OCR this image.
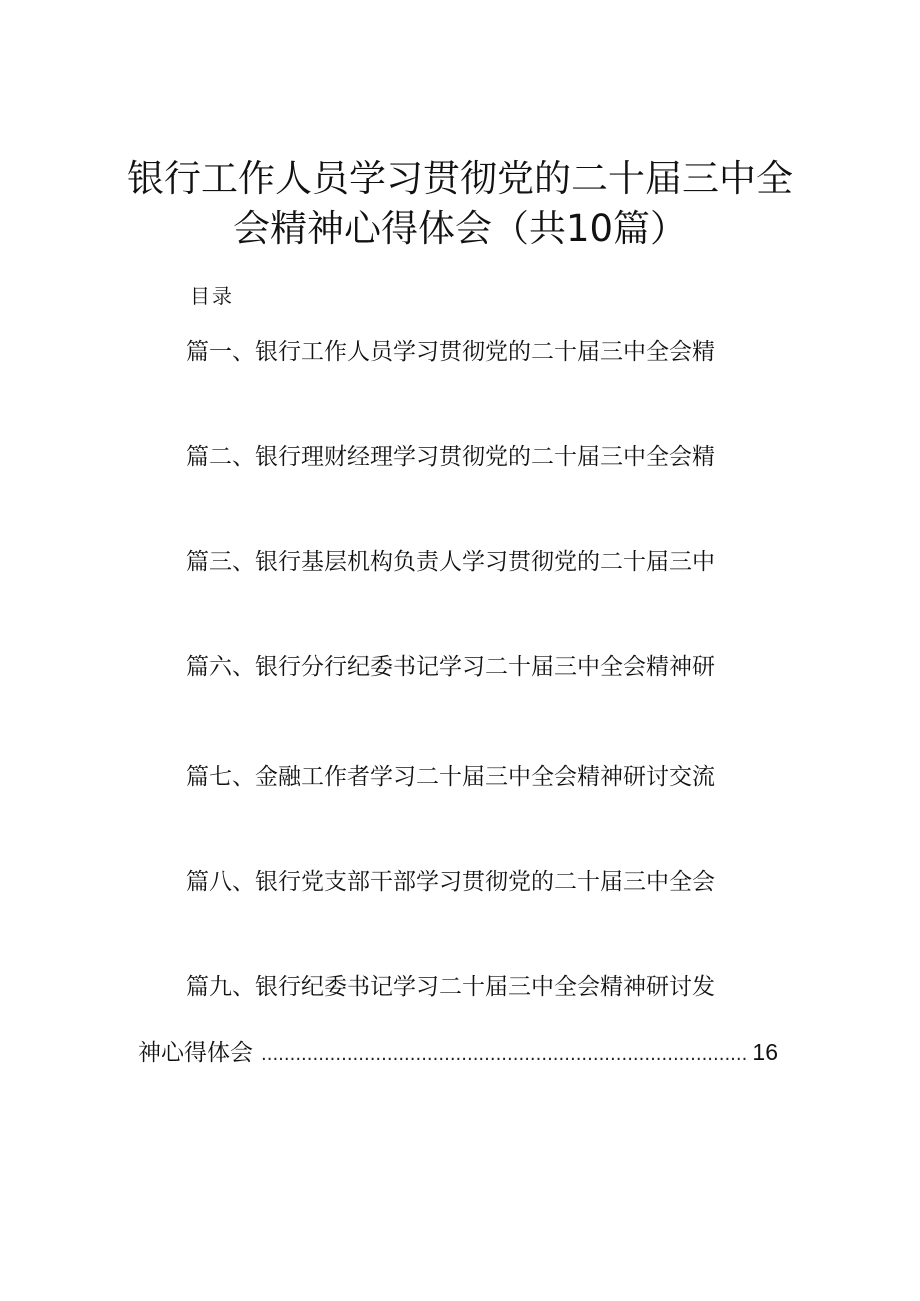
银行工作人员学习贯彻党的二十届三中全
会精神心得体会（共10篇）
目录
篇一、银行工作人员学习贯彻党的二十届三中全会精
篇二、银行理财经理学习贯彻党的二十届三中全会精
篇三、银行基层机构负责人学习贯彻党的二十届三中
篇六、银行分行纪委书记学习二十届三中全会精神研
篇七、金融工作者学习二十届三中全会精神研讨交流
篇八、银行党支部干部学习贯彻党的二十届三中全会
篇九、银行纪委书记学习二十届三中全会精神研讨发
神心得体会
.....	16
